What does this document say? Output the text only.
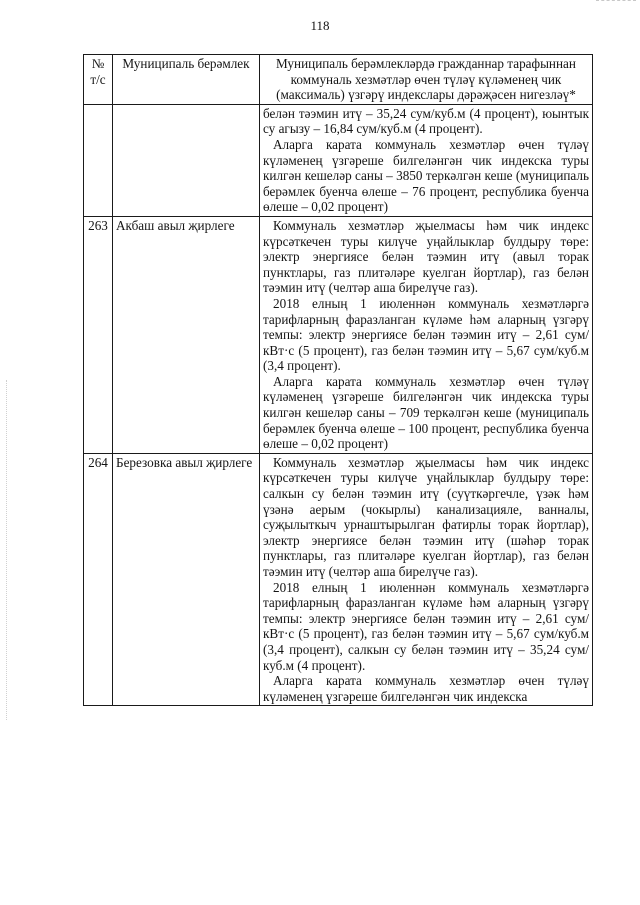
118
№ т/с	Муниципаль берәмлек	Муниципаль берәмлекләрдә гражданнар тарафыннан коммуналь хезмәтләр өчен түләү күләменең чик (максималь) үзгәрү индекслары дәрәҗәсен нигезләү*

		белән тәэмин итү – 35,24 сум/куб.м (4 процент), юынтык су агызу – 16,84 сум/куб.м (4 процент).

Аларга карата коммуналь хезмәтләр өчен түләү күләменең үзгәреше билгеләнгән чик индекска туры килгән кешеләр саны – 3850 теркәлгән кеше (муниципаль берәмлек буенча өлеше – 76 процент, республика буенча өлеше – 0,02 процент)

263	Акбаш авыл җирлеге	Коммуналь хезмәтләр җыелмасы һәм чик индекс күрсәткечен туры килүче уңайлыклар булдыру төре: электр энергиясе белән тәэмин итү (авыл торак пунктлары, газ плитәләре куелган йортлар), газ белән тәэмин итү (челтәр аша бирелүче газ).

2018 елның 1 июленнән коммуналь хезмәтләргә тарифларның фаразланган күләме һәм аларның үзгәрү темпы: электр энергиясе белән тәэмин итү – 2,61 сум/кВт·с (5 процент), газ белән тәэмин итү – 5,67 сум/куб.м (3,4 процент).

Аларга карата коммуналь хезмәтләр өчен түләү күләменең үзгәреше билгеләнгән чик индекска туры килгән кешеләр саны – 709 теркәлгән кеше (муниципаль берәмлек буенча өлеше – 100 процент, республика буенча өлеше – 0,02 процент)

264	Березовка авыл җирлеге	Коммуналь хезмәтләр җыелмасы һәм чик индекс күрсәткечен туры килүче уңайлыклар булдыру төре: салкын су белән тәэмин итү (суүткәргечле, үзәк һәм үзәнә аерым (чокырлы) канализацияле, ванналы, суҗылыткыч урнаштырылган фатирлы торак йортлар), электр энергиясе белән тәэмин итү (шәһәр торак пунктлары, газ плитәләре куелган йортлар), газ белән тәэмин итү (челтәр аша бирелүче газ).

2018 елның 1 июленнән коммуналь хезмәтләргә тарифларның фаразланган күләме һәм аларның үзгәрү темпы: электр энергиясе белән тәэмин итү – 2,61 сум/кВт·с (5 процент), газ белән тәэмин итү – 5,67 сум/куб.м (3,4 процент), салкын су белән тәэмин итү – 35,24 сум/куб.м (4 процент).

Аларга карата коммуналь хезмәтләр өчен түләү күләменең үзгәреше билгеләнгән чик индекска
